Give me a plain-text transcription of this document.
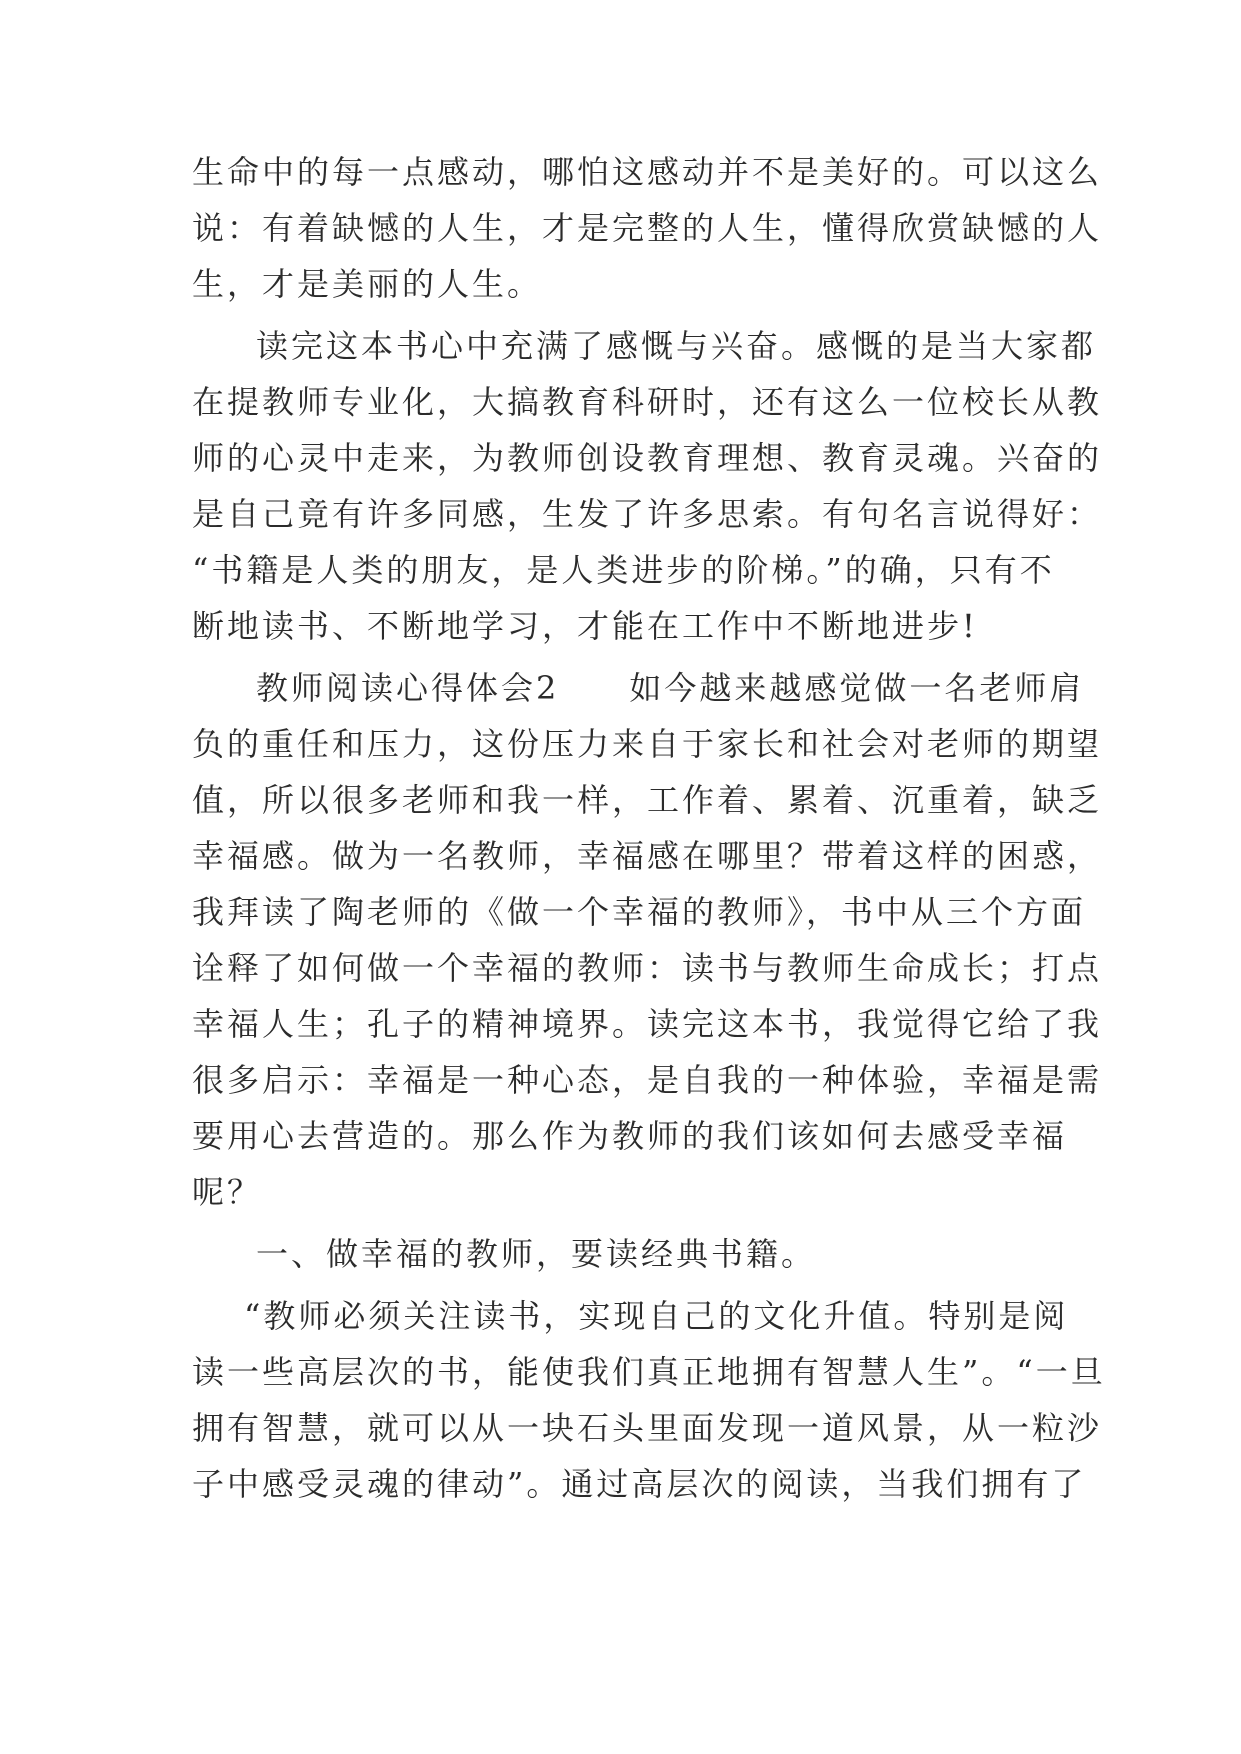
生命中的每一点感动，哪怕这感动并不是美好的。可以这么
说：有着缺憾的人生，才是完整的人生，懂得欣赏缺憾的人
生，才是美丽的人生。
读完这本书心中充满了感慨与兴奋。感慨的是当大家都
在提教师专业化，大搞教育科研时，还有这么一位校长从教
师的心灵中走来，为教师创设教育理想、教育灵魂。兴奋的
是自己竟有许多同感，生发了许多思索。有句名言说得好：
“书籍是人类的朋友，是人类进步的阶梯。”的确，只有不
断地读书、不断地学习，才能在工作中不断地进步!
教师阅读心得体会2　　如今越来越感觉做一名老师肩
负的重任和压力，这份压力来自于家长和社会对老师的期望
值，所以很多老师和我一样，工作着、累着、沉重着，缺乏
幸福感。做为一名教师，幸福感在哪里？带着这样的困惑，
我拜读了陶老师的《做一个幸福的教师》，书中从三个方面
诠释了如何做一个幸福的教师：读书与教师生命成长；打点
幸福人生；孔子的精神境界。读完这本书，我觉得它给了我
很多启示：幸福是一种心态，是自我的一种体验，幸福是需
要用心去营造的。那么作为教师的我们该如何去感受幸福
呢？
一、做幸福的教师，要读经典书籍。
“教师必须关注读书，实现自己的文化升值。特别是阅
读一些高层次的书，能使我们真正地拥有智慧人生”。“一旦
拥有智慧，就可以从一块石头里面发现一道风景，从一粒沙
子中感受灵魂的律动”。通过高层次的阅读，当我们拥有了
